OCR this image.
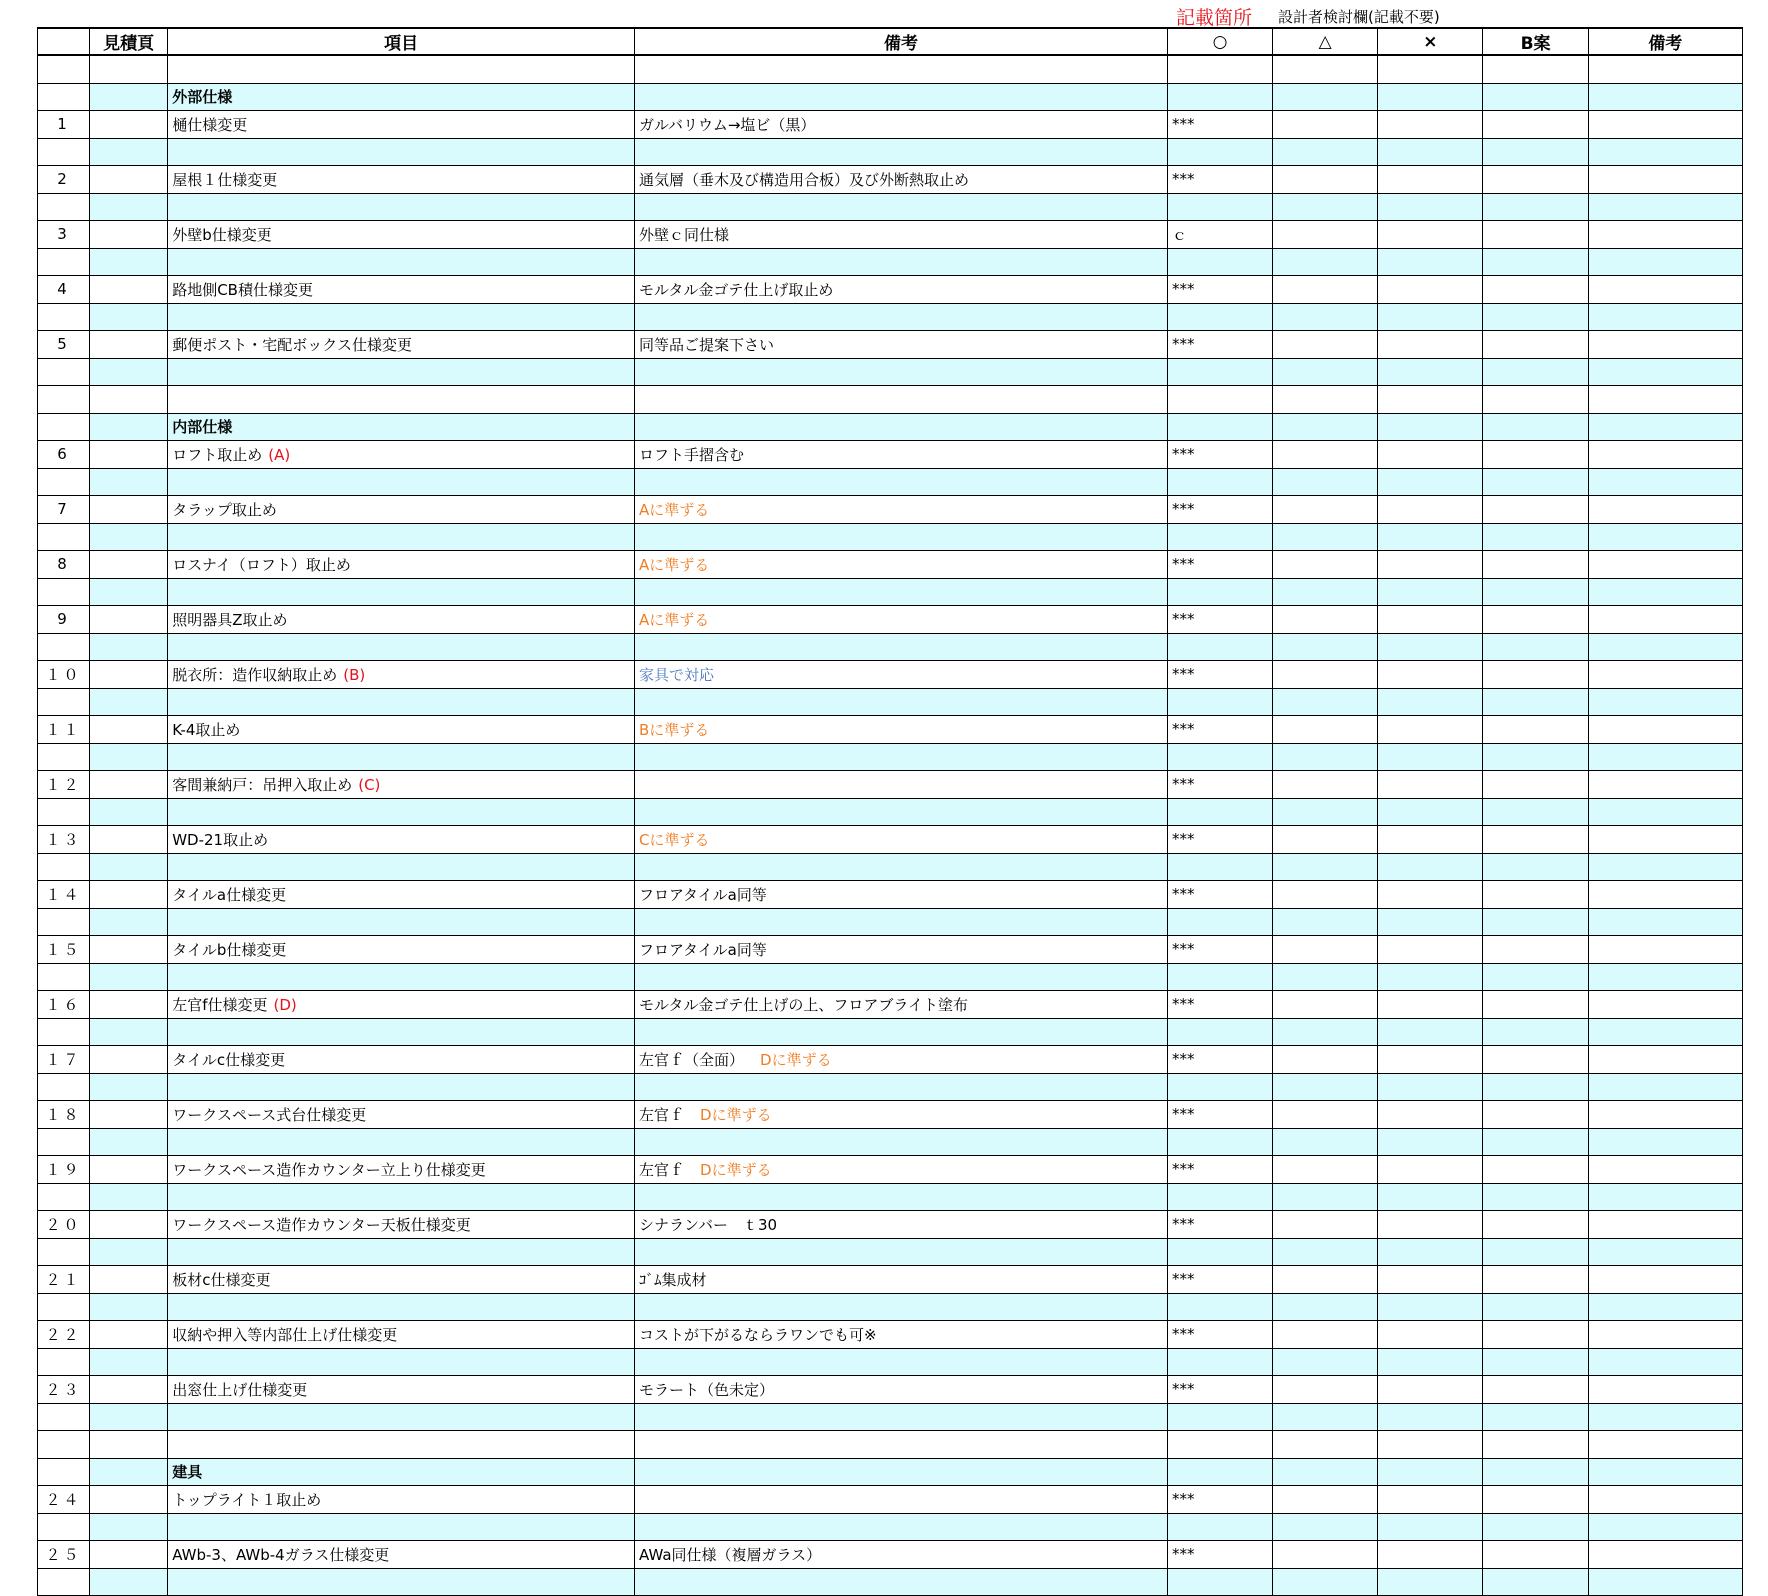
記載箇所 設計者検討欄(記載不要)
	見積頁	項目	備考	○	△	×	B案	備考

		外部仕様						
1		樋仕様変更	ガルバリウム→塩ビ（黒）	***				

2		屋根１仕様変更	通気層（垂木及び構造用合板）及び外断熱取止め	***				

3		外壁b仕様変更	外壁ｃ同仕様	ｃ				

4		路地側CB積仕様変更	モルタル金ゴテ仕上げ取止め	***				

5		郵便ポスト・宅配ボックス仕様変更	同等品ご提案下さい	***				

		内部仕様						
6		ロフト取止め (A)	ロフト手摺含む	***				

7		タラップ取止め	Aに準ずる	***				

8		ロスナイ（ロフト）取止め	Aに準ずる	***				

9		照明器具Z取止め	Aに準ずる	***				

１０		脱衣所：造作収納取止め (B)	家具で対応	***				

１１		K-4取止め	Bに準ずる	***				

１２		客間兼納戸：吊押入取止め (C)		***				

１３		WD-21取止め	Cに準ずる	***				

１４		タイルa仕様変更	フロアタイルa同等	***				

１５		タイルb仕様変更	フロアタイルa同等	***				

１６		左官f仕様変更 (D)	モルタル金ゴテ仕上げの上、フロアブライト塗布	***				

１７		タイルc仕様変更	左官ｆ（全面） Dに準ずる	***				

１８		ワークスペース式台仕様変更	左官ｆ Dに準ずる	***				

１９		ワークスペース造作カウンター立上り仕様変更	左官ｆ Dに準ずる	***				

２０		ワークスペース造作カウンター天板仕様変更	シナランバー　ｔ30	***				

２１		板材c仕様変更	ｺﾞﾑ集成材	***				

２２		収納や押入等内部仕上げ仕様変更	コストが下がるならラワンでも可※	***				

２３		出窓仕上げ仕様変更	モラート（色未定）	***				

		建具						
２４		トップライト１取止め		***				

２５		AWb-3、AWb-4ガラス仕様変更	AWa同仕様（複層ガラス）	***				
